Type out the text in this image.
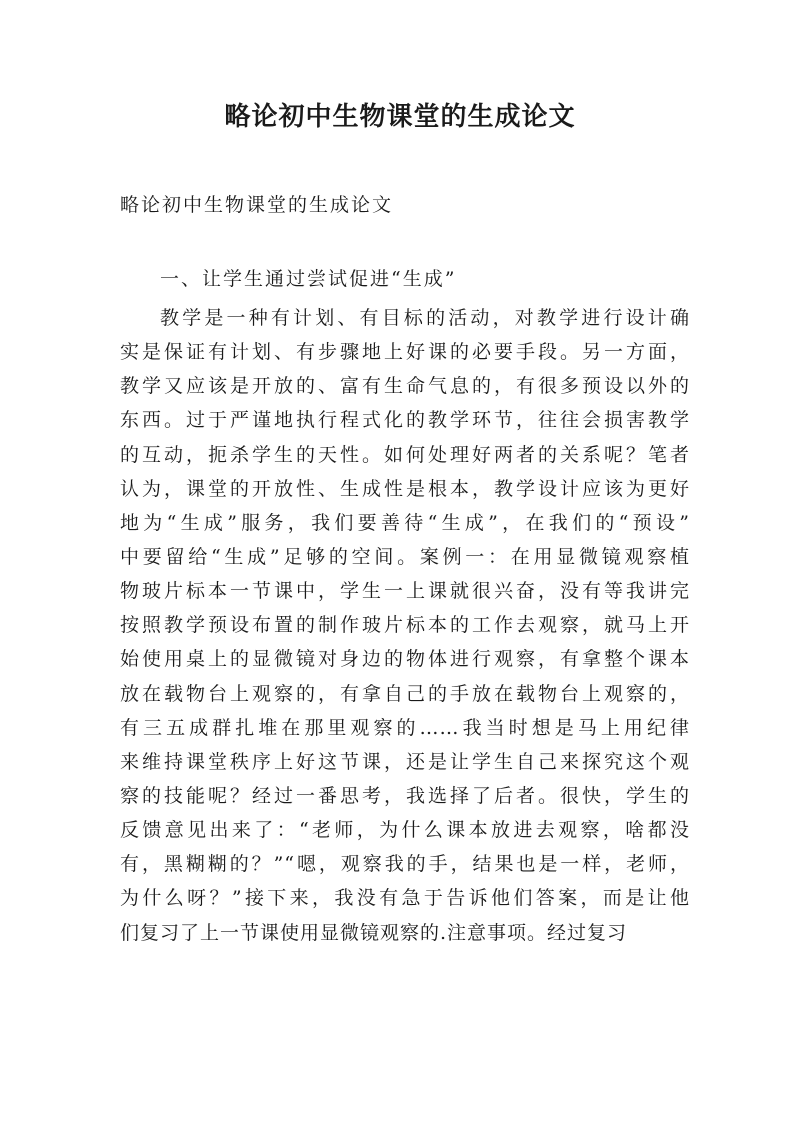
略论初中生物课堂的生成论文

略论初中生物课堂的生成论文

一、让学生通过尝试促进“生成”

教学是一种有计划、有目标的活动，对教学进行设计确
实是保证有计划、有步骤地上好课的必要手段。另一方面，
教学又应该是开放的、富有生命气息的，有很多预设以外的
东西。过于严谨地执行程式化的教学环节，往往会损害教学
的互动，扼杀学生的天性。如何处理好两者的关系呢？笔者
认为，课堂的开放性、生成性是根本，教学设计应该为更好
地为“生成”服务，我们要善待“生成”，在我们的“预设”
中要留给“生成”足够的空间。案例一：在用显微镜观察植
物玻片标本一节课中，学生一上课就很兴奋，没有等我讲完
按照教学预设布置的制作玻片标本的工作去观察，就马上开
始使用桌上的显微镜对身边的物体进行观察，有拿整个课本
放在载物台上观察的，有拿自己的手放在载物台上观察的，
有三五成群扎堆在那里观察的……我当时想是马上用纪律
来维持课堂秩序上好这节课，还是让学生自己来探究这个观
察的技能呢？经过一番思考，我选择了后者。很快，学生的
反馈意见出来了：“老师，为什么课本放进去观察，啥都没
有，黑糊糊的？”“嗯，观察我的手，结果也是一样，老师，
为什么呀？”接下来，我没有急于告诉他们答案，而是让他
们复习了上一节课使用显微镜观察的.注意事项。经过复习
